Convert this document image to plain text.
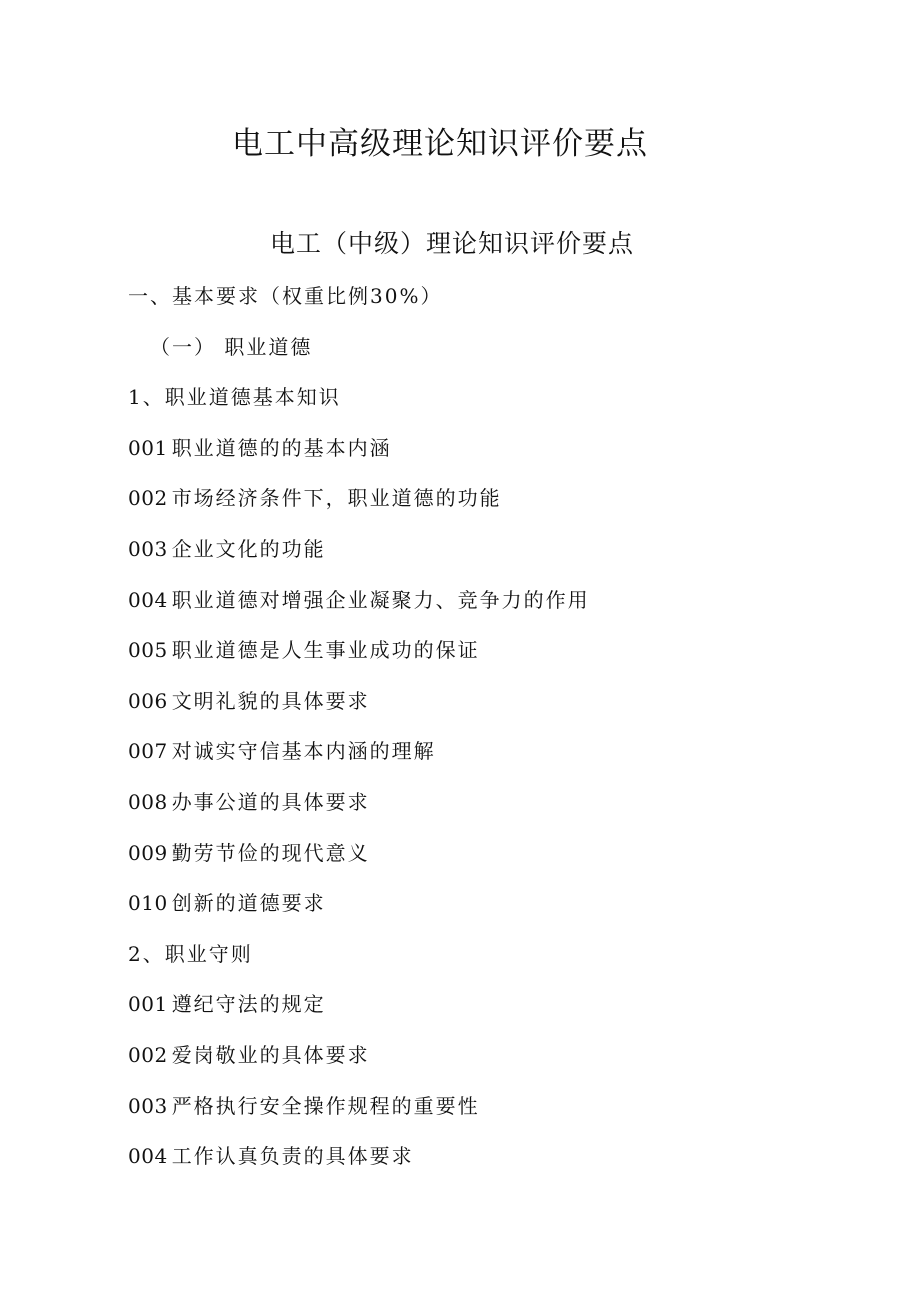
电工中高级理论知识评价要点
电工（中级）理论知识评价要点
一、基本要求（权重比例30%）
（一） 职业道德
1、职业道德基本知识
001 职业道德的的基本内涵
002 市场经济条件下，职业道德的功能
003 企业文化的功能
004 职业道德对增强企业凝聚力、竞争力的作用
005 职业道德是人生事业成功的保证
006 文明礼貌的具体要求
007 对诚实守信基本内涵的理解
008 办事公道的具体要求
009 勤劳节俭的现代意义
010 创新的道德要求
2、职业守则
001 遵纪守法的规定
002 爱岗敬业的具体要求
003 严格执行安全操作规程的重要性
004 工作认真负责的具体要求
